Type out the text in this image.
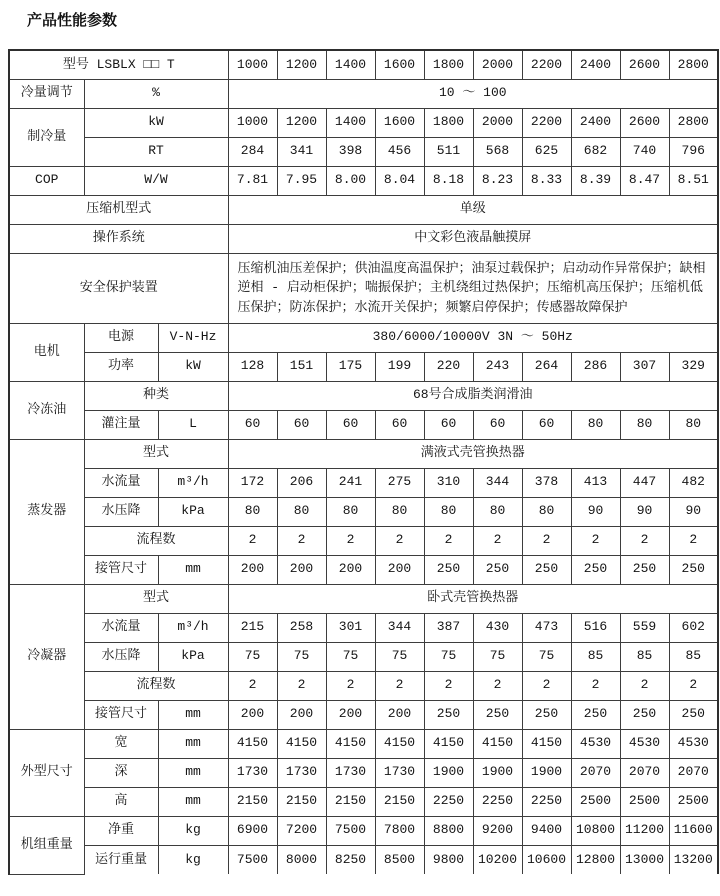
产品性能参数
型号 LSBLX □□ T			1000	1200	1400	1600	1800	2000	2200	2400	2600	2800
冷量调节	%		10 ～ 100									
制冷量	kW		1000	1200	1400	1600	1800	2000	2200	2400	2600	2800
	RT		284	341	398	456	511	568	625	682	740	796
COP	W/W		7.81	7.95	8.00	8.04	8.18	8.23	8.33	8.39	8.47	8.51
压缩机型式			单级									
操作系统			中文彩色液晶触摸屏									
安全保护装置			压缩机油压差保护；供油温度高温保护；油泵过载保护；启动动作异常保护；缺相逆相 - 启动柜保护；喘振保护；主机绕组过热保护；压缩机高压保护；压缩机低压保护；防冻保护；水流开关保护；频繁启停保护；传感器故障保护									
电机	电源	V-N-Hz	380/6000/10000V 3N ～ 50Hz									
	功率	kW	128	151	175	199	220	243	264	286	307	329
冷冻油	种类		68号合成脂类润滑油									
	灌注量	L	60	60	60	60	60	60	60	80	80	80
蒸发器	型式		满液式壳管换热器									
	水流量	m³/h	172	206	241	275	310	344	378	413	447	482
	水压降	kPa	80	80	80	80	80	80	80	90	90	90
	流程数		2	2	2	2	2	2	2	2	2	2
	接管尺寸	mm	200	200	200	200	250	250	250	250	250	250
冷凝器	型式		卧式壳管换热器									
	水流量	m³/h	215	258	301	344	387	430	473	516	559	602
	水压降	kPa	75	75	75	75	75	75	75	85	85	85
	流程数		2	2	2	2	2	2	2	2	2	2
	接管尺寸	mm	200	200	200	200	250	250	250	250	250	250
外型尺寸	宽	mm	4150	4150	4150	4150	4150	4150	4150	4530	4530	4530
	深	mm	1730	1730	1730	1730	1900	1900	1900	2070	2070	2070
	高	mm	2150	2150	2150	2150	2250	2250	2250	2500	2500	2500
机组重量	净重	kg	6900	7200	7500	7800	8800	9200	9400	10800	11200	11600
	运行重量	kg	7500	8000	8250	8500	9800	10200	10600	12800	13000	13200
